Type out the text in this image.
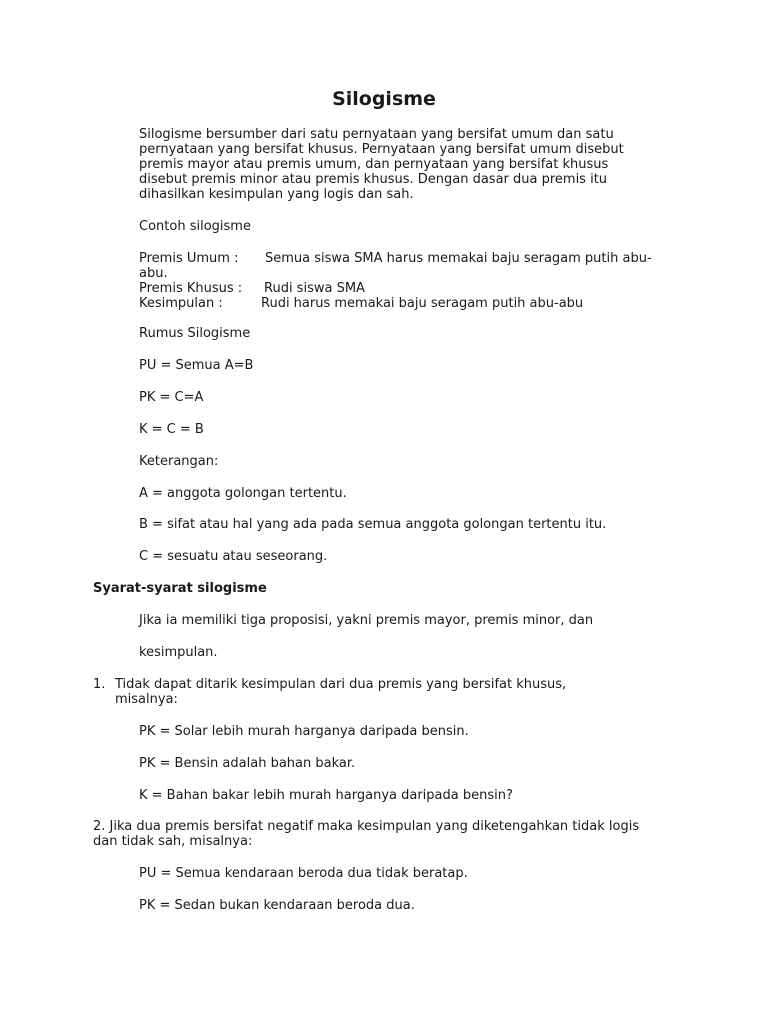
Silogisme
Silogisme bersumber dari satu pernyataan yang bersifat umum dan satu
pernyataan yang bersifat khusus. Pernyataan yang bersifat umum disebut
premis mayor atau premis umum, dan pernyataan yang bersifat khusus
disebut premis minor atau premis khusus. Dengan dasar dua premis itu
dihasilkan kesimpulan yang logis dan sah.
Contoh silogisme
Premis Umum : Semua siswa SMA harus memakai baju seragam putih abu-
abu.
Premis Khusus : Rudi siswa SMA
Kesimpulan :	Rudi harus memakai baju seragam putih abu-abu
Rumus Silogisme
PU = Semua A=B
PK = C=A
K = C = B
Keterangan:
A = anggota golongan tertentu.
B = sifat atau hal yang ada pada semua anggota golongan tertentu itu.
C = sesuatu atau seseorang.
Syarat-syarat silogisme
Jika ia memiliki tiga proposisi, yakni premis mayor, premis minor, dan
kesimpulan.
1. Tidak dapat ditarik kesimpulan dari dua premis yang bersifat khusus,
misalnya:
PK = Solar lebih murah harganya daripada bensin.
PK = Bensin adalah bahan bakar.
K = Bahan bakar lebih murah harganya daripada bensin?
2. Jika dua premis bersifat negatif maka kesimpulan yang diketengahkan tidak logis
dan tidak sah, misalnya:
PU = Semua kendaraan beroda dua tidak beratap.
PK = Sedan bukan kendaraan beroda dua.
